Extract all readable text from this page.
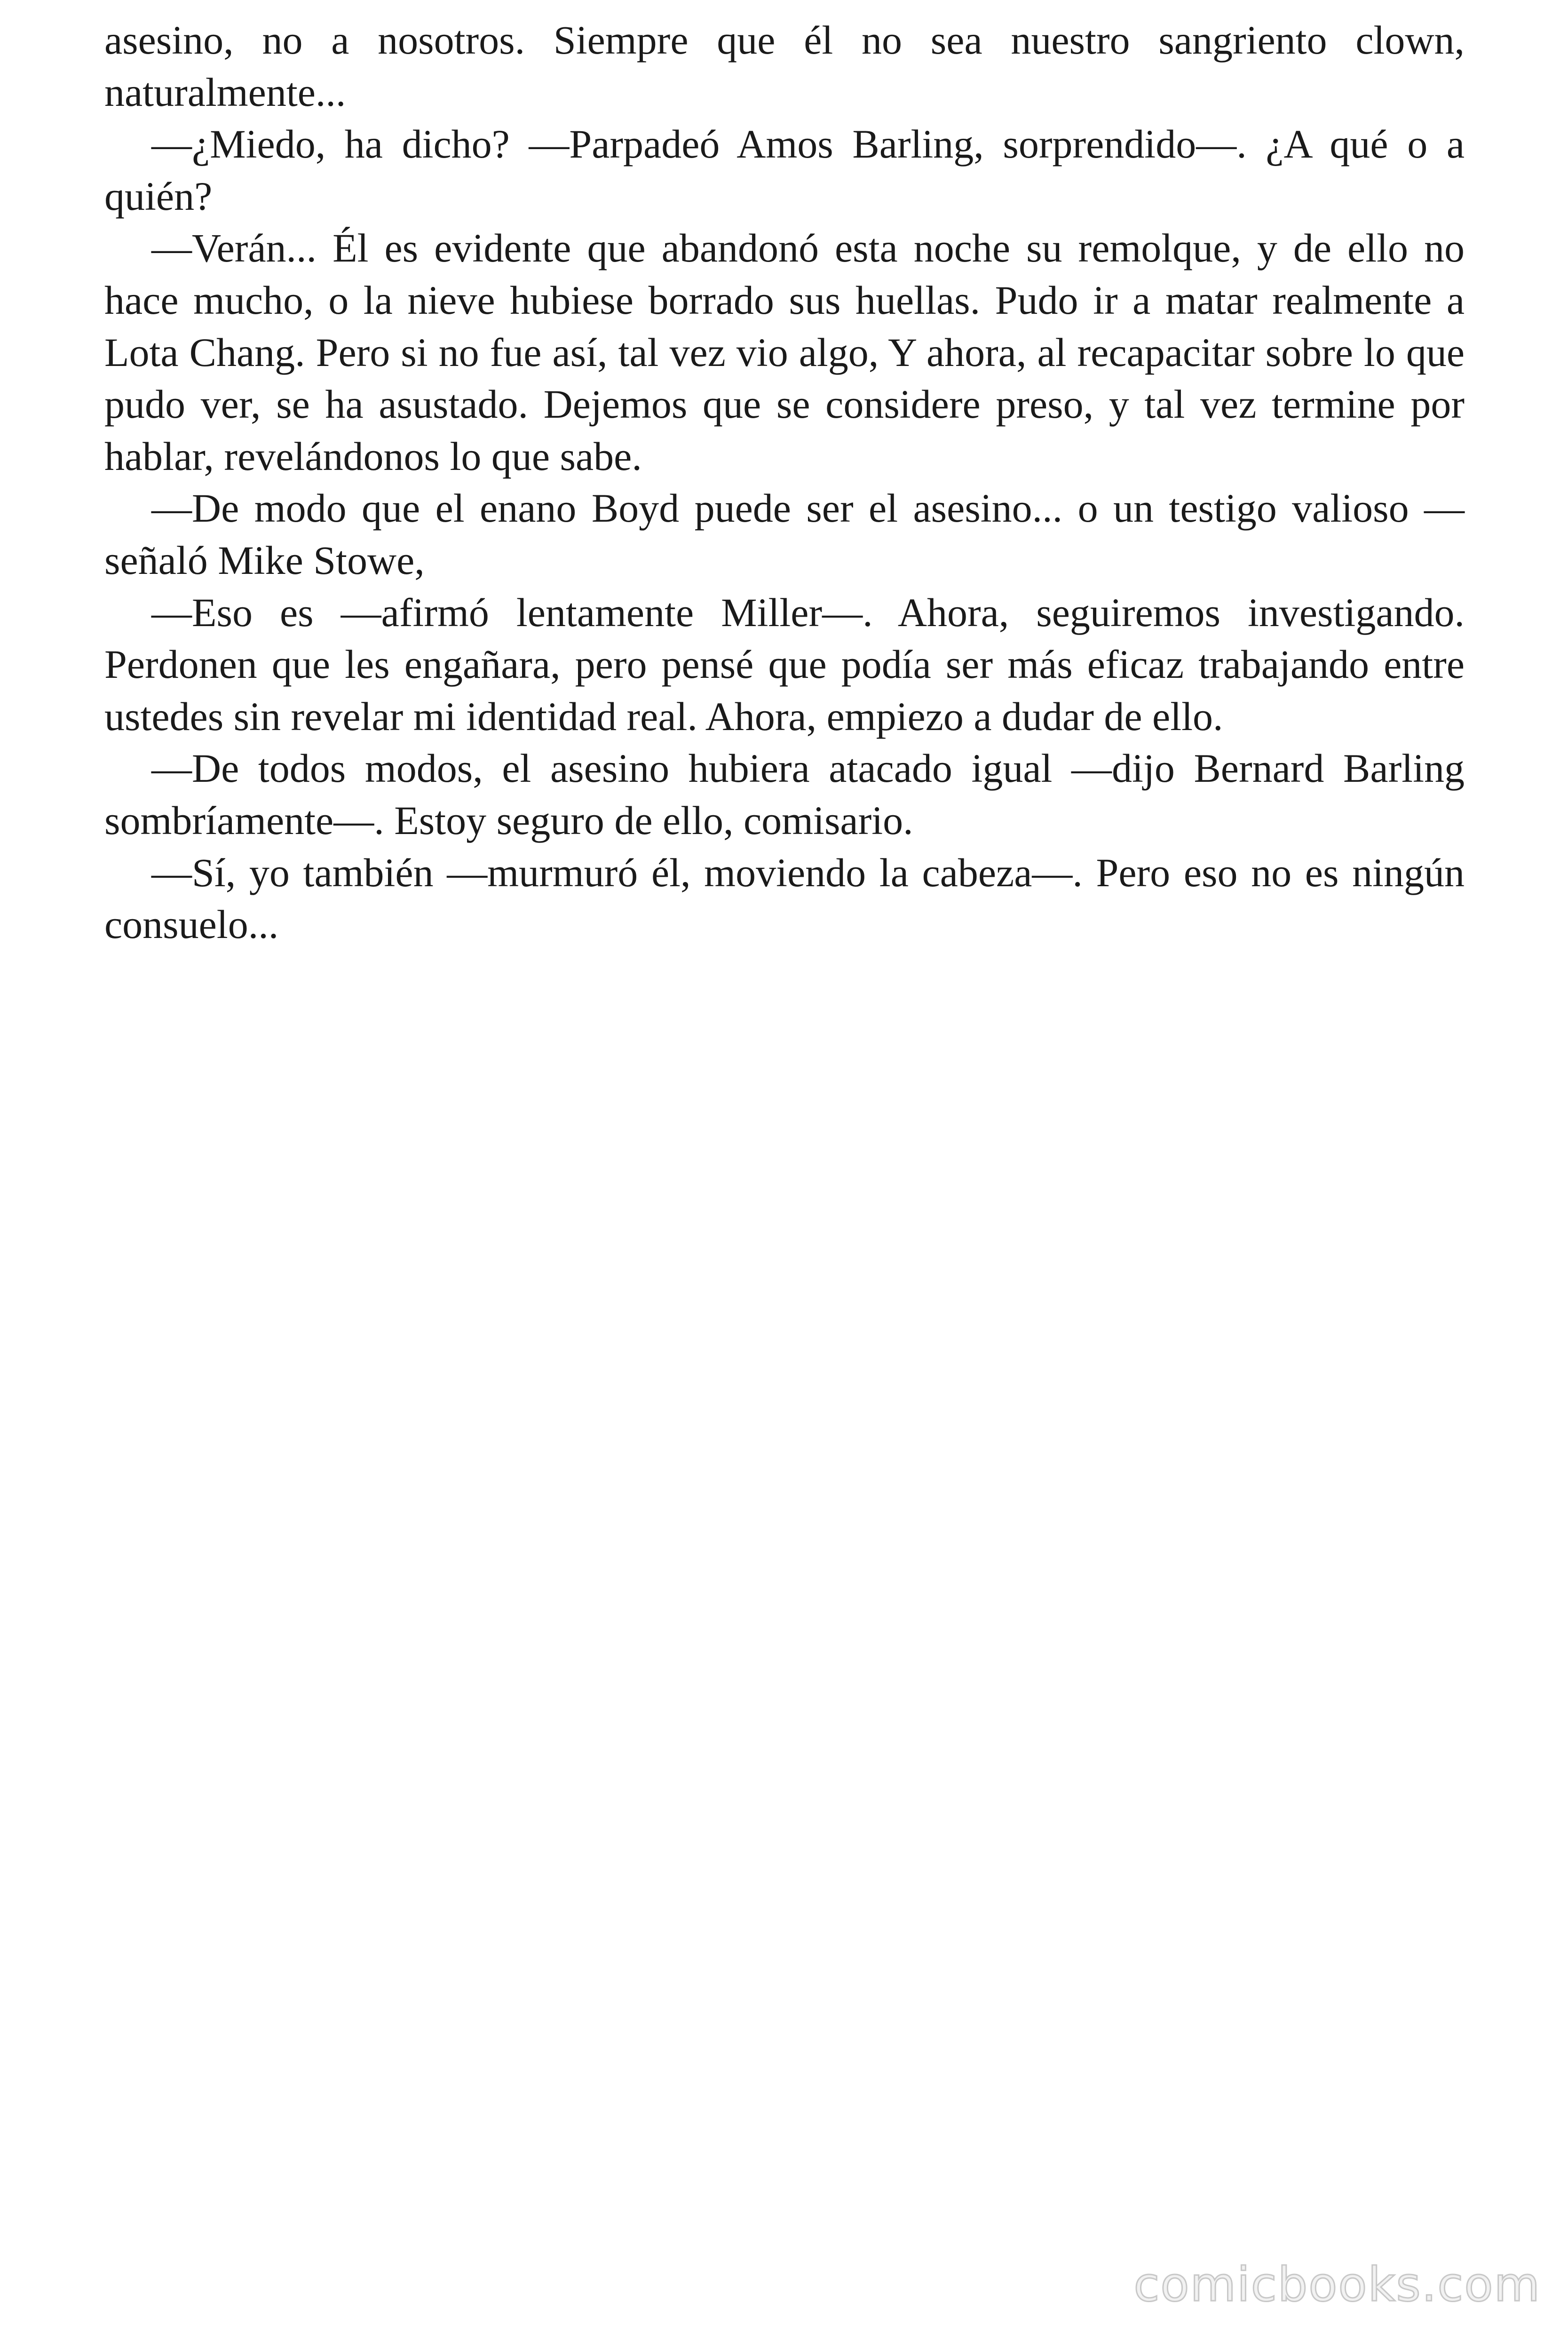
asesino, no a nosotros. Siempre que él no sea nuestro sangriento clown, naturalmente...

—¿Miedo, ha dicho? —Parpadeó Amos Barling, sorprendido—. ¿A qué o a quién?

—Verán... Él es evidente que abandonó esta noche su remolque, y de ello no hace mucho, o la nieve hubiese borrado sus huellas. Pudo ir a matar realmente a Lota Chang. Pero si no fue así, tal vez vio algo, Y ahora, al recapacitar sobre lo que pudo ver, se ha asustado. Dejemos que se considere preso, y tal vez termine por hablar, revelándonos lo que sabe.

—De modo que el enano Boyd puede ser el asesino... o un testigo valioso —señaló Mike Stowe,

—Eso es —afirmó lentamente Miller—. Ahora, seguiremos investigando. Perdonen que les engañara, pero pensé que podía ser más eficaz trabajando entre ustedes sin revelar mi identidad real. Ahora, empiezo a dudar de ello.

—De todos modos, el asesino hubiera atacado igual —dijo Bernard Barling sombríamente—. Estoy seguro de ello, comisario.

—Sí, yo también —murmuró él, moviendo la cabeza—. Pero eso no es ningún consuelo...

comicbooks.com
